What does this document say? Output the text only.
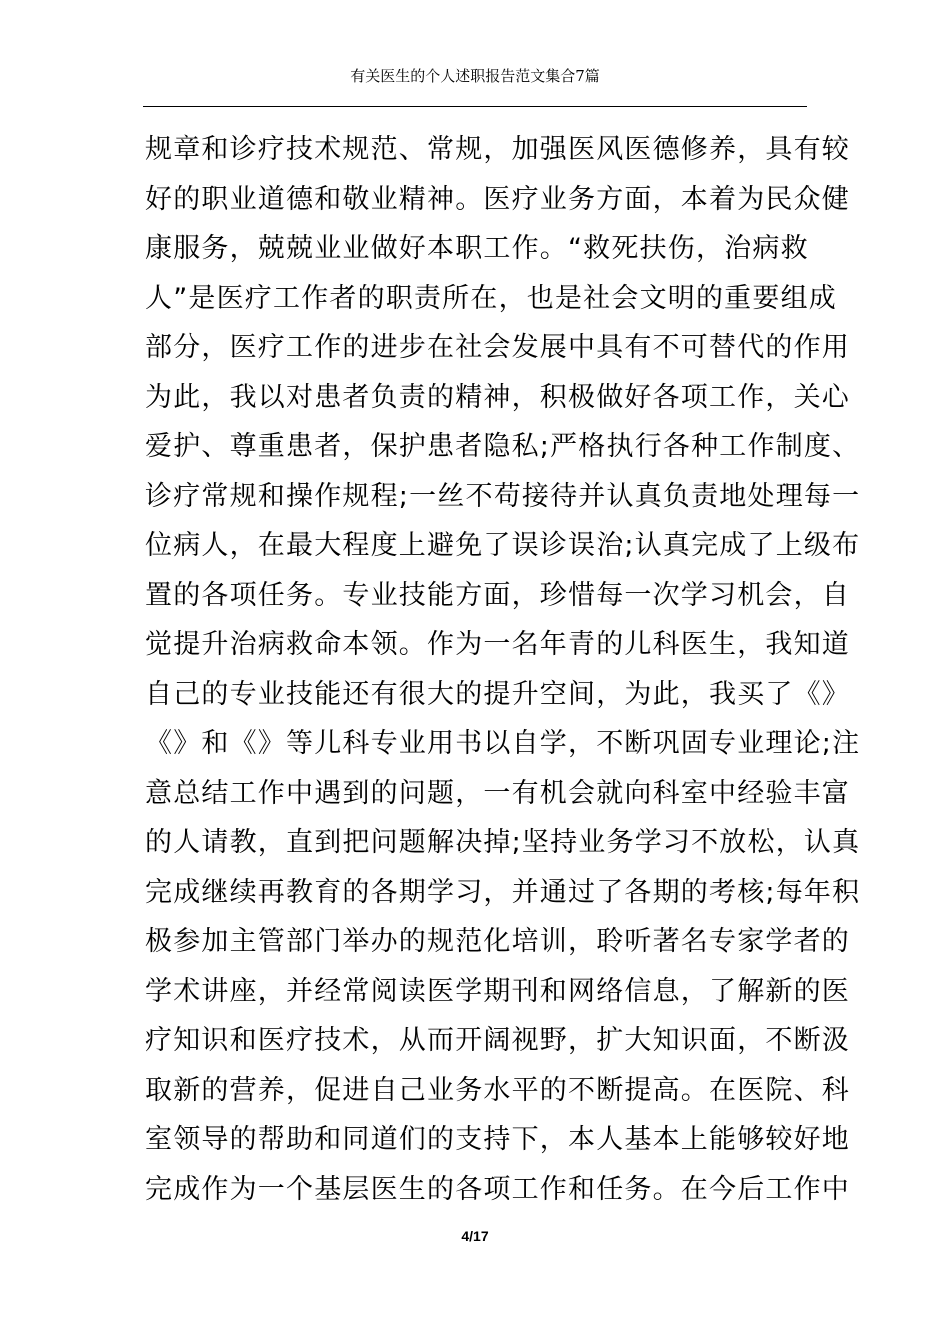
有关医生的个人述职报告范文集合7篇
规章和诊疗技术规范、常规，加强医风医德修养，具有较
好的职业道德和敬业精神。医疗业务方面，本着为民众健
康服务，兢兢业业做好本职工作。“救死扶伤，治病救
人”是医疗工作者的职责所在，也是社会文明的重要组成
部分，医疗工作的进步在社会发展中具有不可替代的作用
为此，我以对患者负责的精神，积极做好各项工作，关心
爱护、尊重患者，保护患者隐私;严格执行各种工作制度、
诊疗常规和操作规程;一丝不苟接待并认真负责地处理每一
位病人，在最大程度上避免了误诊误治;认真完成了上级布
置的各项任务。专业技能方面，珍惜每一次学习机会，自
觉提升治病救命本领。作为一名年青的儿科医生，我知道
自己的专业技能还有很大的提升空间，为此，我买了《》
《》和《》等儿科专业用书以自学，不断巩固专业理论;注
意总结工作中遇到的问题，一有机会就向科室中经验丰富
的人请教，直到把问题解决掉;坚持业务学习不放松，认真
完成继续再教育的各期学习，并通过了各期的考核;每年积
极参加主管部门举办的规范化培训，聆听著名专家学者的
学术讲座，并经常阅读医学期刊和网络信息，了解新的医
疗知识和医疗技术，从而开阔视野，扩大知识面，不断汲
取新的营养，促进自己业务水平的不断提高。在医院、科
室领导的帮助和同道们的支持下，本人基本上能够较好地
完成作为一个基层医生的各项工作和任务。在今后工作中
4/17
